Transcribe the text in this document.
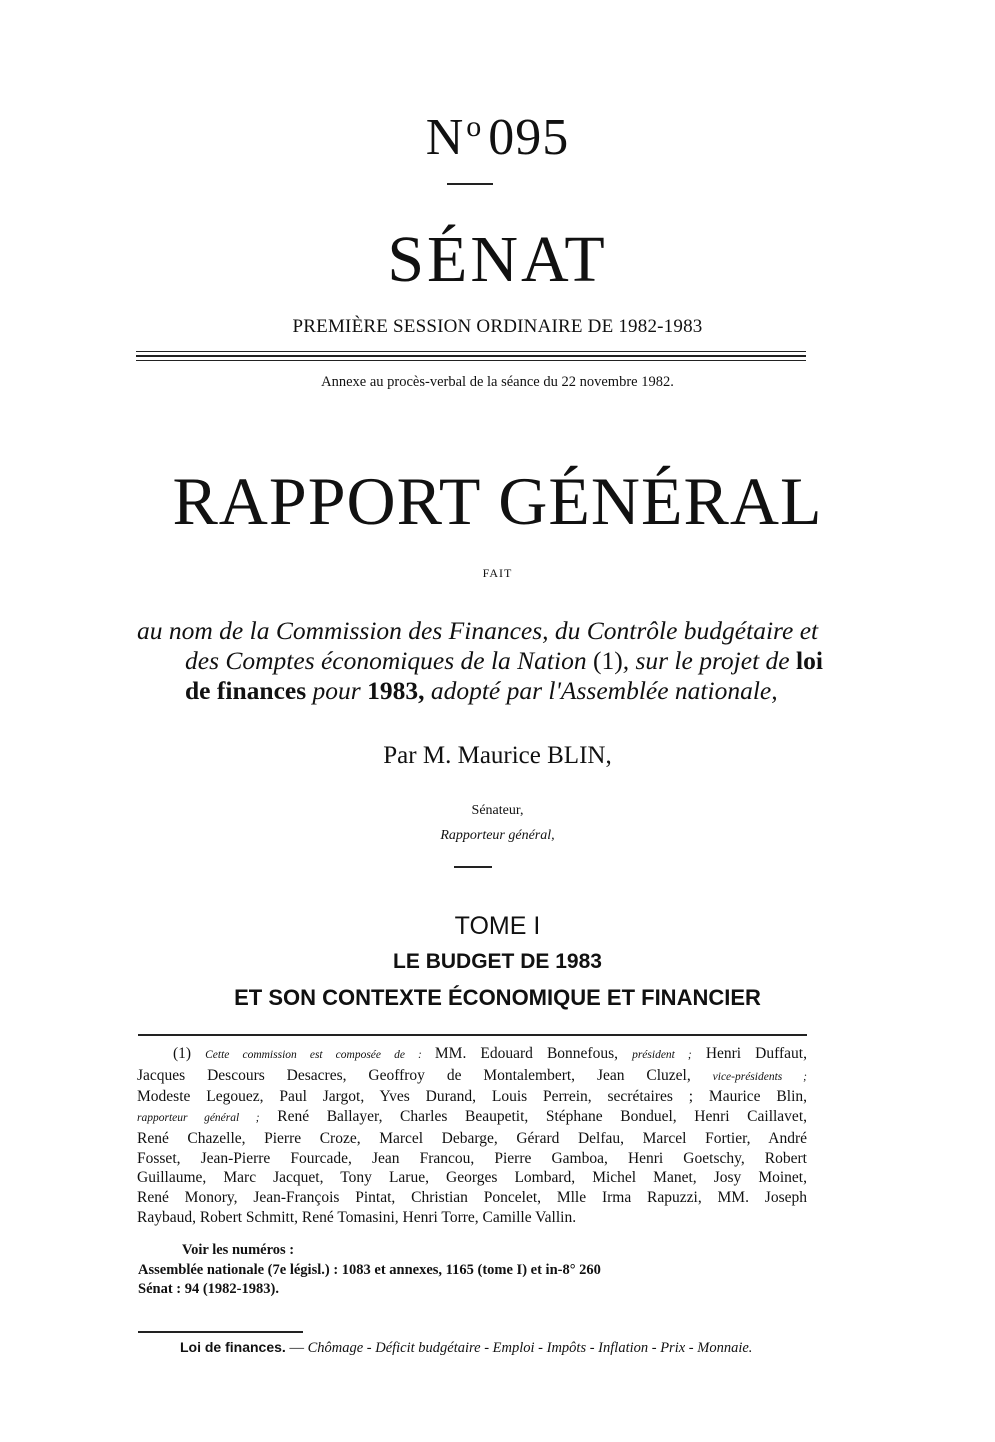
$N^o$ 095
SÉNAT
PREMIÈRE SESSION ORDINAIRE DE 1982-1983
Annexe au procès-verbal de la séance du 22 novembre 1982.
RAPPORT GÉNÉRAL
FAIT
au nom de la Commission des Finances, du Contrôle budgétaire et
des Comptes économiques de la Nation (1), sur le projet de loi
de finances pour 1983, adopté par l'Assemblée nationale,
Par M. Maurice BLIN,
Sénateur,
Rapporteur général,
TOME I
LE BUDGET DE 1983
ET SON CONTEXTE ÉCONOMIQUE ET FINANCIER
(1) Cette commission est composée de : MM. Edouard Bonnefous, président ; Henri Duffaut,
Jacques Descours Desacres, Geoffroy de Montalembert, Jean Cluzel, vice-présidents ;
Modeste Legouez, Paul Jargot, Yves Durand, Louis Perrein, secrétaires ; Maurice Blin,
rapporteur général ; René Ballayer, Charles Beaupetit, Stéphane Bonduel, Henri Caillavet,
René Chazelle, Pierre Croze, Marcel Debarge, Gérard Delfau, Marcel Fortier, André
Fosset, Jean-Pierre Fourcade, Jean Francou, Pierre Gamboa, Henri Goetschy, Robert
Guillaume, Marc Jacquet, Tony Larue, Georges Lombard, Michel Manet, Josy Moinet,
René Monory, Jean-François Pintat, Christian Poncelet, Mlle Irma Rapuzzi, MM. Joseph
Raybaud, Robert Schmitt, René Tomasini, Henri Torre, Camille Vallin.
Voir les numéros :
Assemblée nationale (7e législ.) : 1083 et annexes, 1165 (tome I) et in-8° 260
Sénat : 94 (1982-1983).
Loi de finances. — Chômage - Déficit budgétaire - Emploi - Impôts - Inflation - Prix - Monnaie.
